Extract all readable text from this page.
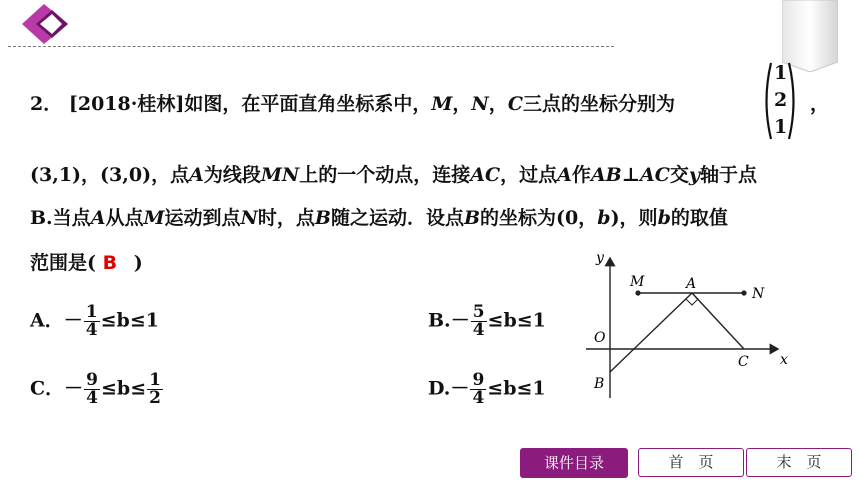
2． [2018·桂林]如图，在平面直角坐标系中，M，N，C三点的坐标分别为
1
2
1
，
(3,1)，(3,0)，点A为线段MN上的一个动点，连接AC，过点A作AB⊥AC交y轴于点
B.当点A从点M运动到点N时，点B随之运动．设点B的坐标为(0，b)，则b的取值
范围是( B )
A．－ $\frac{1}{4} \le b\le 1$	$B.- \frac{5}{4} \le b\le 1$
C．－ $\frac{9}{4} \le b\le \frac{1}{2}$	$D.- \frac{9}{4} \le b\le 1$
y
x
M	A
N
O
C
B
课件目录	首　页	末　页
